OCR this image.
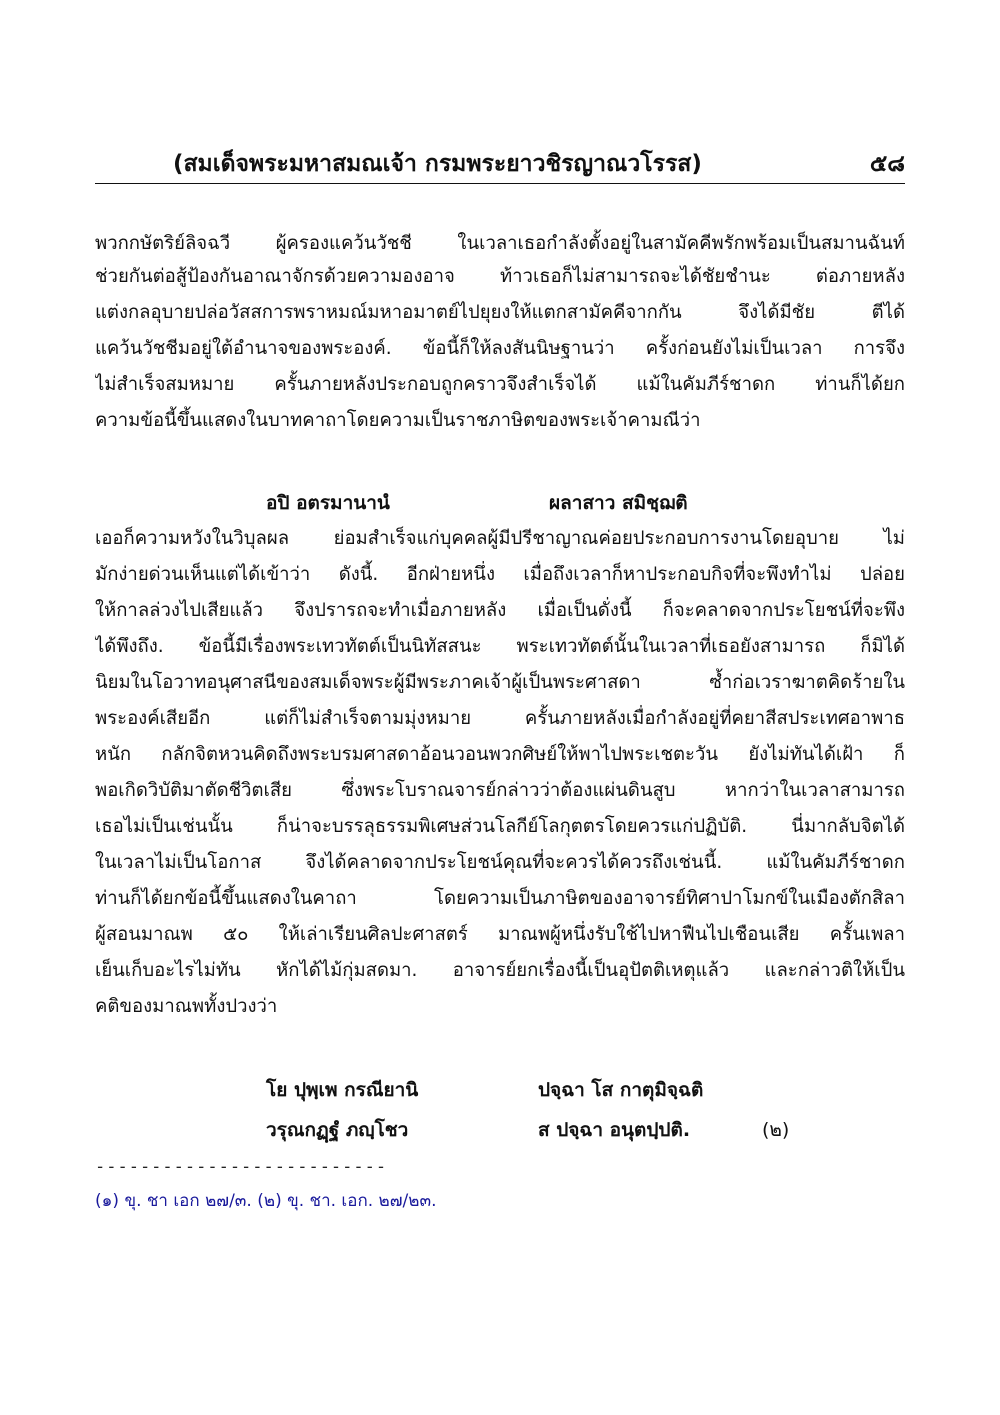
(สมเด็จพระมหาสมณเจ้า กรมพระยาวชิรญาณวโรรส)	๕๘
พวกกษัตริย์ลิจฉวี ผู้ครองแคว้นวัชชี ในเวลาเธอกำลังตั้งอยู่ในสามัคคีพรักพร้อมเป็นสมานฉันท์
ช่วยกันต่อสู้ป้องกันอาณาจักรด้วยความองอาจ ท้าวเธอก็ไม่สามารถจะได้ชัยชำนะ ต่อภายหลัง
แต่งกลอุบายปล่อวัสสการพราหมณ์มหาอมาตย์ไปยุยงให้แตกสามัคคีจากกัน จึงได้มีชัย ตีได้
แคว้นวัชชีมอยู่ใต้อำนาจของพระองค์. ข้อนี้ก็ให้ลงสันนิษฐานว่า ครั้งก่อนยังไม่เป็นเวลา การจึง
ไม่สำเร็จสมหมาย ครั้นภายหลังประกอบถูกคราวจึงสำเร็จได้ แม้ในคัมภีร์ชาดก ท่านก็ได้ยก
ความข้อนี้ขึ้นแสดงในบาทคาถาโดยความเป็นราชภาษิตของพระเจ้าคามณีว่า
อปิ อตรมานานํ	ผลาสาว สมิชฺฌติ
เออก็ความหวังในวิบุลผล ย่อมสำเร็จแก่บุคคลผู้มีปรีชาญาณค่อยประกอบการงานโดยอุบาย ไม่
มักง่ายด่วนเห็นแต่ได้เข้าว่า ดังนี้. อีกฝ่ายหนึ่ง เมื่อถึงเวลาก็หาประกอบกิจที่จะพึงทำไม่ ปล่อย
ให้กาลล่วงไปเสียแล้ว จึงปรารถจะทำเมื่อภายหลัง เมื่อเป็นดั่งนี้ ก็จะคลาดจากประโยชน์ที่จะพึง
ได้พึงถึง. ข้อนี้มีเรื่องพระเทวทัตต์เป็นนิทัสสนะ พระเทวทัตต์นั้นในเวลาที่เธอยังสามารถ ก็มิได้
นิยมในโอวาทอนุศาสนีของสมเด็จพระผู้มีพระภาคเจ้าผู้เป็นพระศาสดา ซ้ำก่อเวราฆาตคิดร้ายใน
พระองค์เสียอีก แต่ก็ไม่สำเร็จตามมุ่งหมาย ครั้นภายหลังเมื่อกำลังอยู่ที่คยาสีสประเทศอาพาธ
หนัก กลักจิตหวนคิดถึงพระบรมศาสดาอ้อนวอนพวกศิษย์ให้พาไปพระเชตะวัน ยังไม่ทันได้เฝ้า ก็
พอเกิดวิบัติมาตัดชีวิตเสีย ซึ่งพระโบราณจารย์กล่าวว่าต้องแผ่นดินสูบ หากว่าในเวลาสามารถ
เธอไม่เป็นเช่นนั้น ก็น่าจะบรรลุธรรมพิเศษส่วนโลกีย์โลกุตตรโดยควรแก่ปฏิบัติ. นี่มากลับจิตได้
ในเวลาไม่เป็นโอกาส จึงได้คลาดจากประโยชน์คุณที่จะควรได้ควรถึงเช่นนี้. แม้ในคัมภีร์ชาดก
ท่านก็ได้ยกข้อนี้ขึ้นแสดงในคาถา โดยความเป็นภาษิตของอาจารย์ทิศาปาโมกข์ในเมืองตักสิลา
ผู้สอนมาณพ ๕๐ ให้เล่าเรียนศิลปะศาสตร์ มาณพผู้หนึ่งรับใช้ไปหาฟืนไปเชือนเสีย ครั้นเพลา
เย็นเก็บอะไรไม่ทัน หักได้ไม้กุ่มสดมา. อาจารย์ยกเรื่องนี้เป็นอุปัตติเหตุแล้ว และกล่าวติให้เป็น
คติของมาณพทั้งปวงว่า
โย ปุพฺเพ กรณียานิ	ปจฺฉา โส กาตุมิจฺฉติ
วรุณกฏฺฐํ ภญฺโชว	ส ปจฺฉา อนุตปฺปติ.	(๒)
--------------------------
(๑) ขุ. ชา เอก ๒๗/๓. (๒) ขุ. ชา. เอก. ๒๗/๒๓.
